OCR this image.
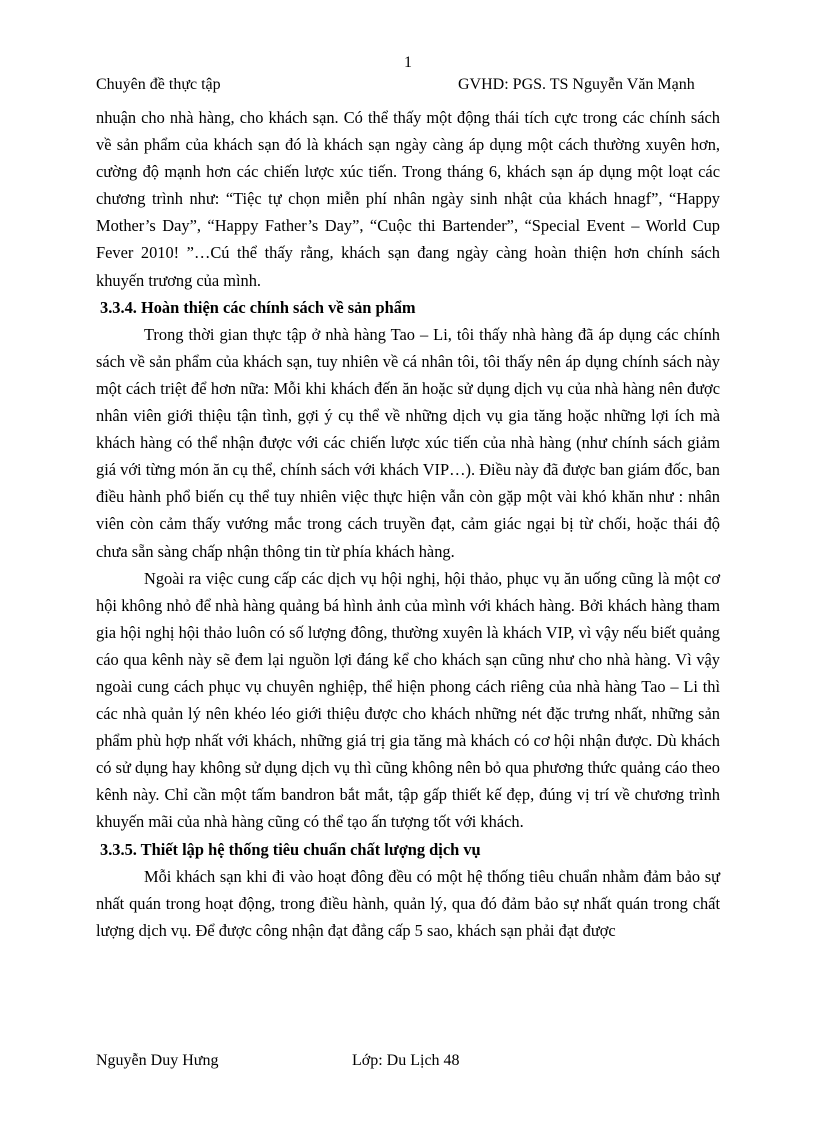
1
Chuyên đề thực tập	GVHD: PGS. TS Nguyễn Văn Mạnh

nhuận cho nhà hàng, cho khách sạn. Có thể thấy một động thái tích cực trong các chính sách về sản phẩm của khách sạn đó là khách sạn ngày càng áp dụng một cách thường xuyên hơn, cường độ mạnh hơn các chiến lược xúc tiến. Trong tháng 6, khách sạn áp dụng một loạt các chương trình như: “Tiệc tự chọn miễn phí nhân ngày sinh nhật của khách hnagf”, “Happy Mother’s Day”, “Happy Father’s Day”, “Cuộc thi Bartender”, “Special Event – World Cup Fever 2010! ”…Cú thể thấy rằng, khách sạn đang ngày càng hoàn thiện hơn chính sách khuyến trương của mình.

3.3.4. Hoàn thiện các chính sách về sản phẩm

Trong thời gian thực tập ở nhà hàng Tao – Li, tôi thấy nhà hàng đã áp dụng các chính sách về sản phẩm của khách sạn, tuy nhiên về cá nhân tôi, tôi thấy nên áp dụng chính sách này một cách triệt để hơn nữa: Mỗi khi khách đến ăn hoặc sử dụng dịch vụ của nhà hàng nên được nhân viên giới thiệu tận tình, gợi ý cụ thể về những dịch vụ gia tăng hoặc những lợi ích mà khách hàng có thể nhận được với các chiến lược xúc tiến của nhà hàng (như chính sách giảm giá với từng món ăn cụ thể, chính sách với khách VIP…). Điều này đã được ban giám đốc, ban điều hành phổ biến cụ thể tuy nhiên việc thực hiện vẫn còn gặp một vài khó khăn như : nhân viên còn cảm thấy vướng mắc trong cách truyền đạt, cảm giác ngại bị từ chối, hoặc thái độ chưa sẵn sàng chấp nhận thông tin từ phía khách hàng.

Ngoài ra việc cung cấp các dịch vụ hội nghị, hội thảo, phục vụ ăn uống cũng là một cơ hội không nhỏ để nhà hàng quảng bá hình ảnh của mình với khách hàng. Bởi khách hàng tham gia hội nghị hội thảo luôn có số lượng đông, thường xuyên là khách VIP, vì vậy nếu biết quảng cáo qua kênh này sẽ đem lại nguồn lợi đáng kể cho khách sạn cũng như cho nhà hàng. Vì vậy ngoài cung cách phục vụ chuyên nghiệp, thể hiện phong cách riêng của nhà hàng Tao – Li thì các nhà quản lý nên khéo léo giới thiệu được cho khách những nét đặc trưng nhất, những sản phẩm phù hợp nhất với khách, những giá trị gia tăng mà khách có cơ hội nhận được. Dù khách có sử dụng hay không sử dụng dịch vụ thì cũng không nên bỏ qua phương thức quảng cáo theo kênh này. Chỉ cần một tấm bandron bắt mắt, tập gấp thiết kế đẹp, đúng vị trí về chương trình khuyến mãi của nhà hàng cũng có thể tạo ấn tượng tốt với khách.

3.3.5. Thiết lập hệ thống tiêu chuẩn chất lượng dịch vụ

Mỗi khách sạn khi đi vào hoạt đông đều có một hệ thống tiêu chuẩn nhằm đảm bảo sự nhất quán trong hoạt động, trong điều hành, quản lý, qua đó đảm bảo sự nhất quán trong chất lượng dịch vụ. Để được công nhận đạt đẳng cấp 5 sao, khách sạn phải đạt được

Nguyễn Duy Hưng	Lớp: Du Lịch 48
